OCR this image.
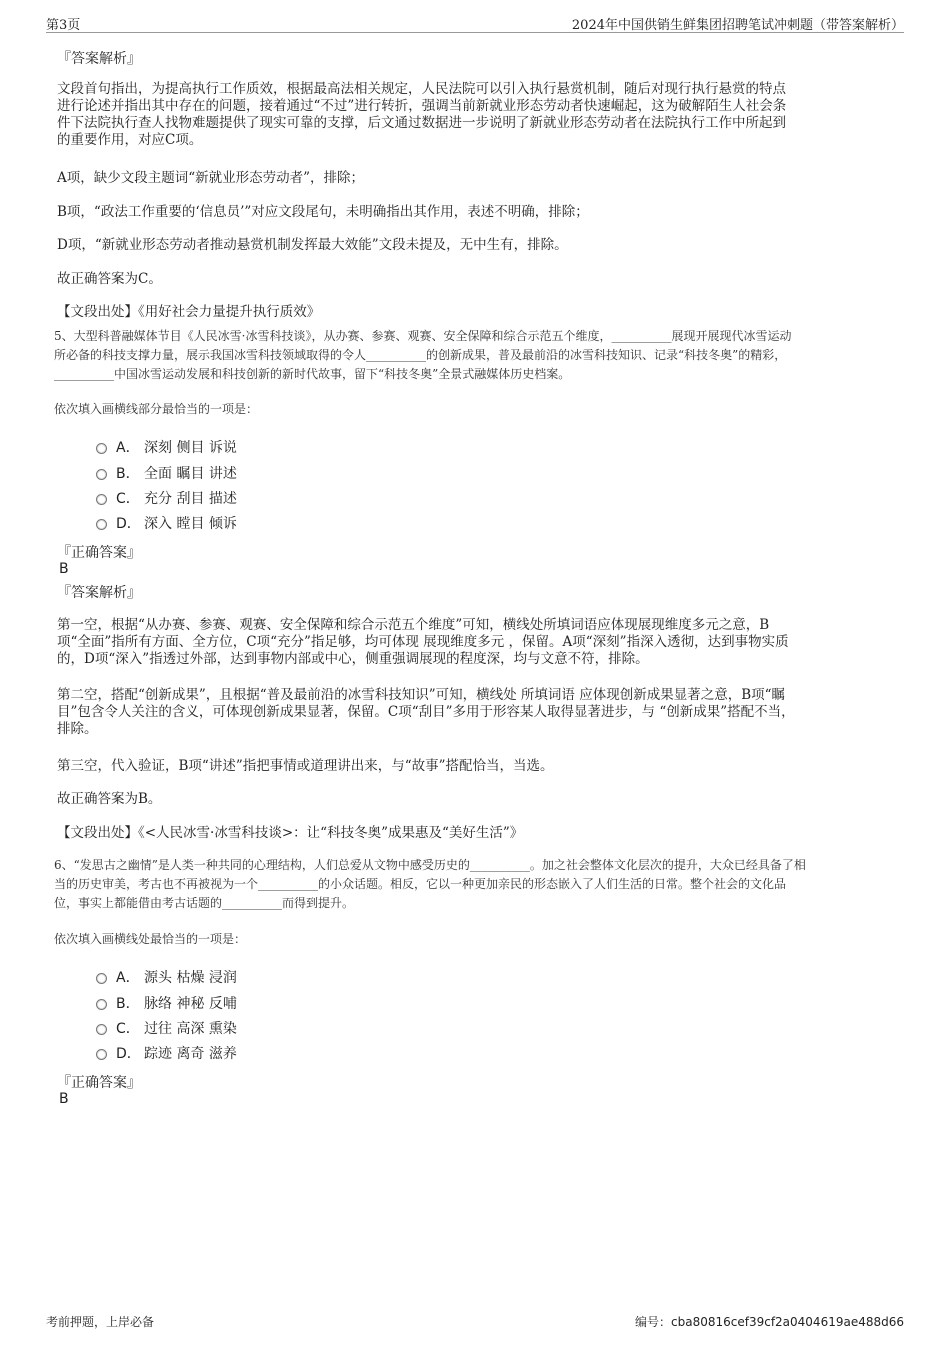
第3页	2024年中国供销生鲜集团招聘笔试冲刺题（带答案解析）
『答案解析』
文段首句指出，为提高执行工作质效，根据最高法相关规定，人民法院可以引入执行悬赏机制，随后对现行执行悬赏的特点
进行论述并指出其中存在的问题，接着通过“不过”进行转折，强调当前新就业形态劳动者快速崛起，这为破解陌生人社会条
件下法院执行查人找物难题提供了现实可靠的支撑，后文通过数据进一步说明了新就业形态劳动者在法院执行工作中所起到
的重要作用，对应C项。
A项，缺少文段主题词“新就业形态劳动者”，排除；
B项，“政法工作重要的‘信息员’”对应文段尾句，未明确指出其作用，表述不明确，排除；
D项，“新就业形态劳动者推动悬赏机制发挥最大效能”文段未提及，无中生有，排除。
故正确答案为C。
【文段出处】《用好社会力量提升执行质效》
5、大型科普融媒体节目《人民冰雪·冰雪科技谈》，从办赛、参赛、观赛、安全保障和综合示范五个维度，__________展现开展现代冰雪运动
所必备的科技支撑力量，展示我国冰雪科技领域取得的令人__________的创新成果，普及最前沿的冰雪科技知识、记录“科技冬奥”的精彩，
__________中国冰雪运动发展和科技创新的新时代故事，留下“科技冬奥”全景式融媒体历史档案。
依次填入画横线部分最恰当的一项是：
A． 深刻 侧目 诉说
B． 全面 瞩目 讲述
C． 充分 刮目 描述
D． 深入 瞠目 倾诉
『正确答案』
B
『答案解析』
第一空，根据“从办赛、参赛、观赛、安全保障和综合示范五个维度”可知，横线处所填词语应体现展现维度多元之意，B
项“全面”指所有方面、全方位，C项“充分”指足够，均可体现 展现维度多元 ，保留。A项“深刻”指深入透彻，达到事物实质
的，D项“深入”指透过外部，达到事物内部或中心，侧重强调展现的程度深，均与文意不符，排除。
第二空，搭配“创新成果”，且根据“普及最前沿的冰雪科技知识”可知，横线处 所填词语 应体现创新成果显著之意，B项“瞩
目”包含令人关注的含义，可体现创新成果显著，保留。C项“刮目”多用于形容某人取得显著进步，与 “创新成果”搭配不当，
排除。
第三空，代入验证，B项“讲述”指把事情或道理讲出来，与“故事”搭配恰当，当选。
故正确答案为B。
【文段出处】《<人民冰雪·冰雪科技谈>：让“科技冬奥”成果惠及“美好生活”》
6、“发思古之幽情”是人类一种共同的心理结构，人们总爱从文物中感受历史的__________。加之社会整体文化层次的提升，大众已经具备了相
当的历史审美，考古也不再被视为一个__________的小众话题。相反，它以一种更加亲民的形态嵌入了人们生活的日常。整个社会的文化品
位，事实上都能借由考古话题的__________而得到提升。
依次填入画横线处最恰当的一项是：
A． 源头 枯燥 浸润
B． 脉络 神秘 反哺
C． 过往 高深 熏染
D． 踪迹 离奇 滋养
『正确答案』
B
考前押题，上岸必备	编号：cba80816cef39cf2a0404619ae488d66
